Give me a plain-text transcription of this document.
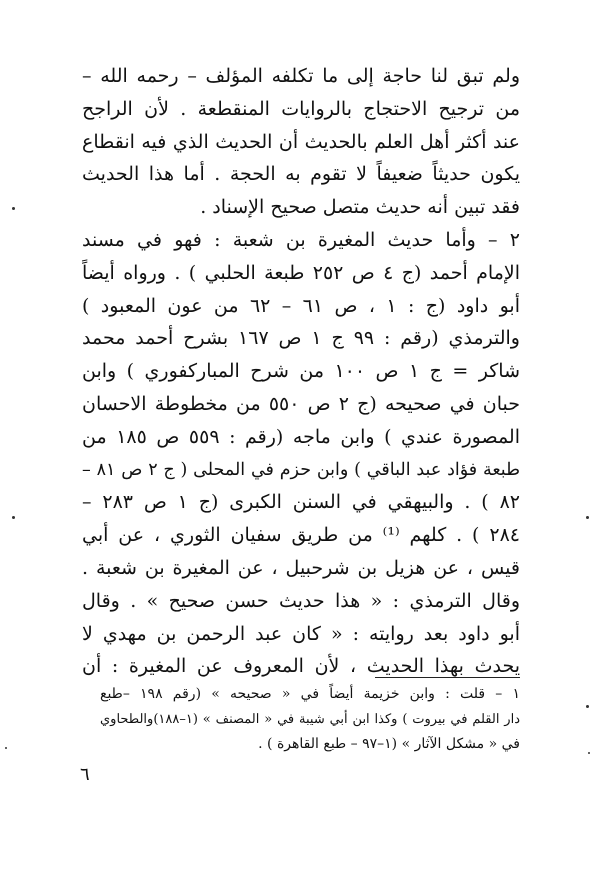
ولم تبق لنا حاجة إلى ما تكلفه المؤلف – رحمه الله –
من ترجيح الاحتجاج بالروايات المنقطعة . لأن الراجح
عند أكثر أهل العلم بالحديث أن الحديث الذي فيه انقطاع
يكون حديثاً ضعيفاً لا تقوم به الحجة . أما هذا الحديث
فقد تبين أنه حديث متصل صحيح الإسناد .
٢ – وأما حديث المغيرة بن شعبة : فهو في مسند
الإمام أحمد (ج ٤ ص ٢٥٢ طبعة الحلبي ) . ورواه أيضاً
أبو داود (ج : ١ ، ص ٦١ – ٦٢ من عون المعبود )
والترمذي (رقم : ٩٩ ج ١ ص ١٦٧ بشرح أحمد محمد
شاكر = ج ١ ص ١٠٠ من شرح المباركفوري ) وابن
حبان في صحيحه (ج ٢ ص ٥٥٠ من مخطوطة الاحسان
المصورة عندي ) وابن ماجه (رقم : ٥٥٩ ص ١٨٥ من
طبعة فؤاد عبد الباقي ) وابن حزم في المحلى ( ج ٢ ص ٨١ –
٨٢ ) . والبيهقي في السنن الكبرى (ج ١ ص ٢٨٣ –
٢٨٤ ) . كلهم ⁽¹⁾ من طريق سفيان الثوري ، عن أبي
قيس ، عن هزيل بن شرحبيل ، عن المغيرة بن شعبة .
وقال الترمذي : « هذا حديث حسن صحيح » . وقال
أبو داود بعد روايته : « كان عبد الرحمن بن مهدي لا
يحدث بهذا الحديث ، لأن المعروف عن المغيرة : أن
١ – قلت : وابن خزيمة أيضاً في « صحيحه » (رقم ١٩٨ –طبع
دار القلم في بيروت ) وكذا ابن أبي شيبة في « المصنف » (١–١٨٨)والطحاوي
في « مشكل الآثار » (١–٩٧ – طبع القاهرة ) .
٦
